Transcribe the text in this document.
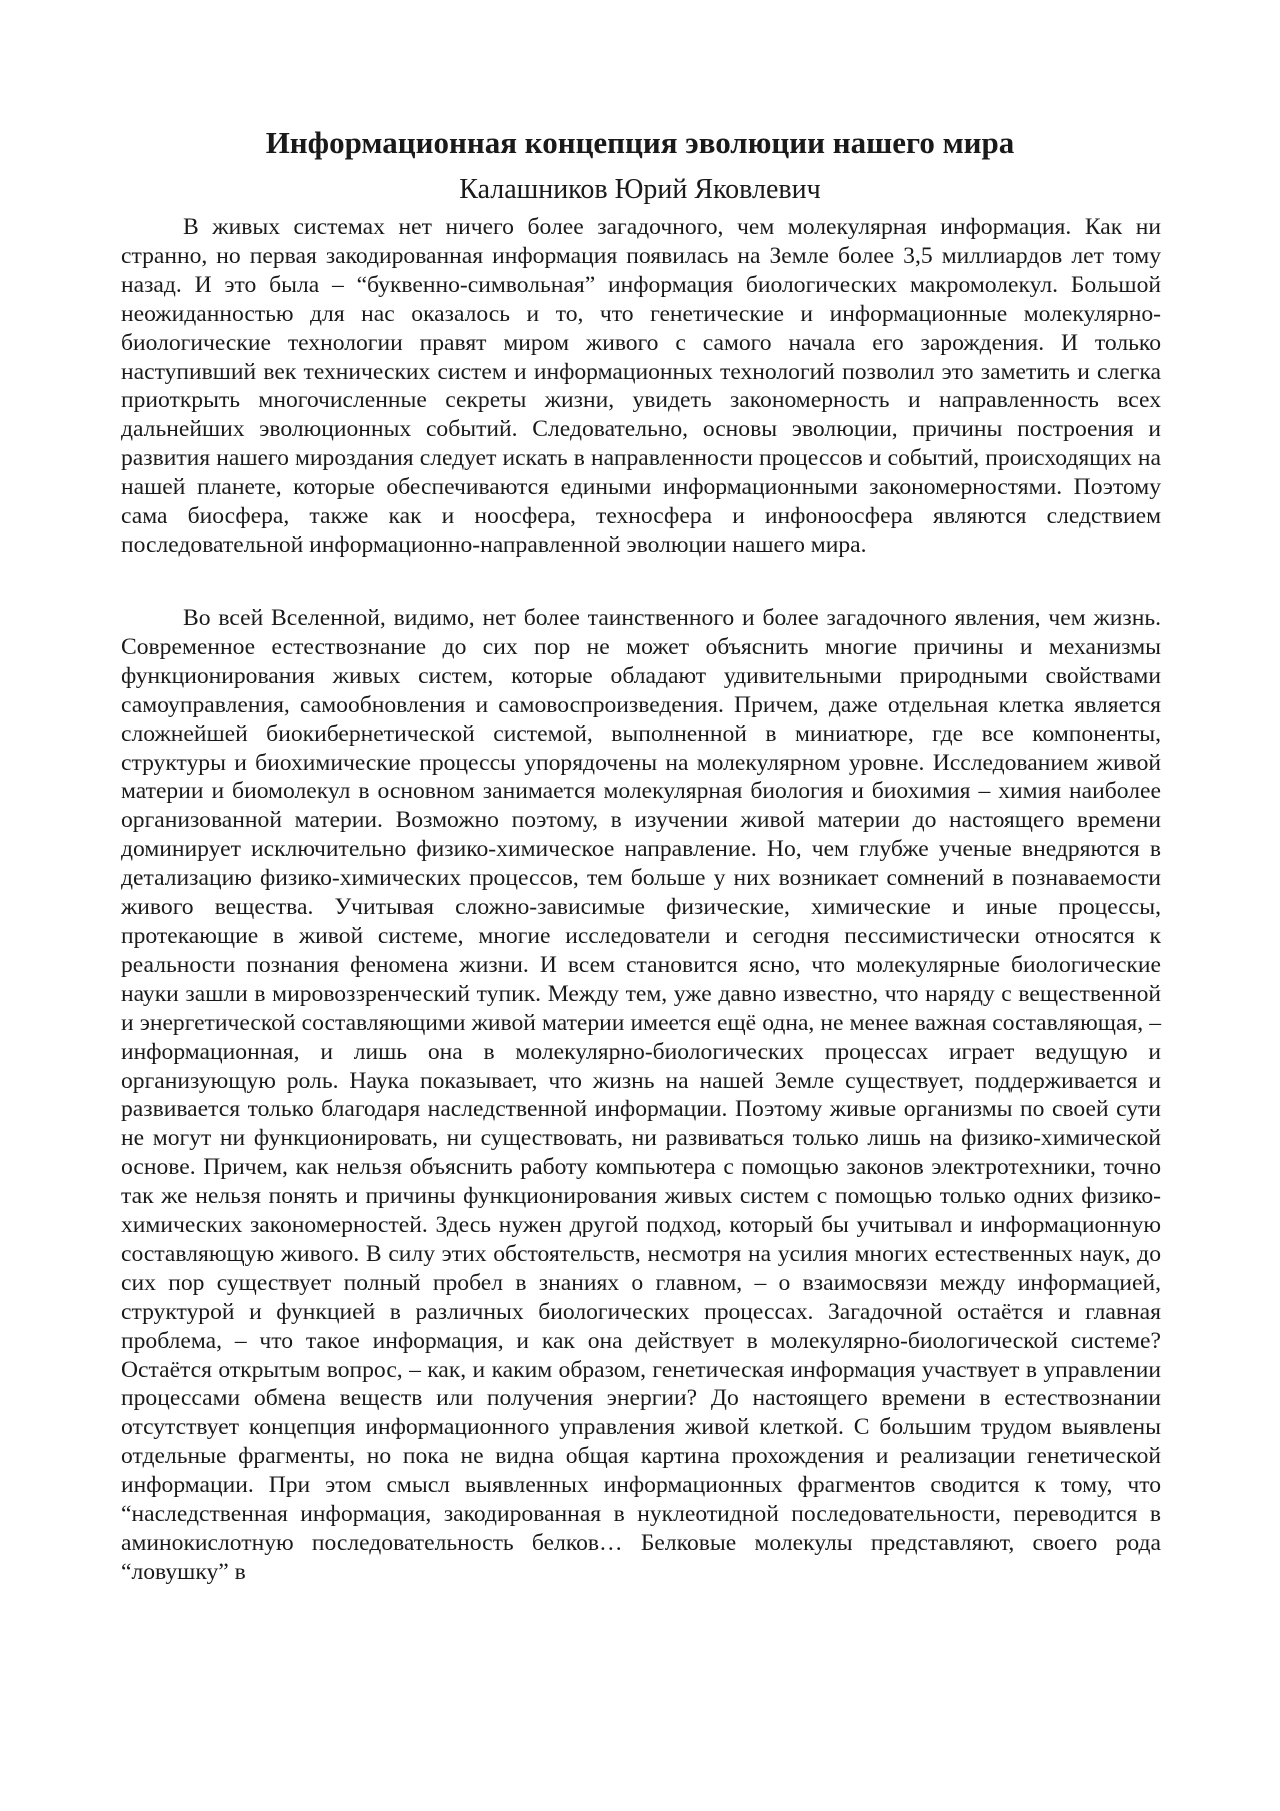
Информационная концепция эволюции нашего мира

Калашников Юрий Яковлевич

В живых системах нет ничего более загадочного, чем молекулярная информация. Как ни странно, но первая закодированная информация появилась на Земле более 3,5 миллиардов лет тому назад. И это была – “буквенно-символьная” информация биологических макромолекул. Большой неожиданностью для нас оказалось и то, что генетические и информационные молекулярно-биологические технологии правят миром живого с самого начала его зарождения. И только наступивший век технических систем и информационных технологий позволил это заметить и слегка приоткрыть многочисленные секреты жизни, увидеть закономерность и направленность всех дальнейших эволюционных событий. Следовательно, основы эволюции, причины построения и развития нашего мироздания следует искать в направленности процессов и событий, происходящих на нашей планете, которые обеспечиваются едиными информационными закономерностями. Поэтому сама биосфера, также как и ноосфера, техносфера и инфоноосфера являются следствием последовательной информационно-направленной эволюции нашего мира.

Во всей Вселенной, видимо, нет более таинственного и более загадочного явления, чем жизнь. Современное естествознание до сих пор не может объяснить многие причины и механизмы функционирования живых систем, которые обладают удивительными природными свойствами самоуправления, самообновления и самовоспроизведения. Причем, даже отдельная клетка является сложнейшей биокибернетической системой, выполненной в миниатюре, где все компоненты, структуры и биохимические процессы упорядочены на молекулярном уровне. Исследованием живой материи и биомолекул в основном занимается молекулярная биология и биохимия – химия наиболее организованной материи. Возможно поэтому, в изучении живой материи до настоящего времени доминирует исключительно физико-химическое направление. Но, чем глубже ученые внедряются в детализацию физико-химических процессов, тем больше у них возникает сомнений в познаваемости живого вещества. Учитывая сложно-зависимые физические, химические и иные процессы, протекающие в живой системе, многие исследователи и сегодня пессимистически относятся к реальности познания феномена жизни. И всем становится ясно, что молекулярные биологические науки зашли в мировоззренческий тупик. Между тем, уже давно известно, что наряду с вещественной и энергетической составляющими живой материи имеется ещё одна, не менее важная составляющая, – информационная, и лишь она в молекулярно-биологических процессах играет ведущую и организующую роль. Наука показывает, что жизнь на нашей Земле существует, поддерживается и развивается только благодаря наследственной информации. Поэтому живые организмы по своей сути не могут ни функционировать, ни существовать, ни развиваться только лишь на физико-химической основе. Причем, как нельзя объяснить работу компьютера с помощью законов электротехники, точно так же нельзя понять и причины функционирования живых систем с помощью только одних физико-химических закономерностей. Здесь нужен другой подход, который бы учитывал и информационную составляющую живого. В силу этих обстоятельств, несмотря на усилия многих естественных наук, до сих пор существует полный пробел в знаниях о главном, – о взаимосвязи между информацией, структурой и функцией в различных биологических процессах. Загадочной остаётся и главная проблема, – что такое информация, и как она действует в молекулярно-биологической системе? Остаётся открытым вопрос, – как, и каким образом, генетическая информация участвует в управлении процессами обмена веществ или получения энергии? До настоящего времени в естествознании отсутствует концепция информационного управления живой клеткой. С большим трудом выявлены отдельные фрагменты, но пока не видна общая картина прохождения и реализации генетической информации. При этом смысл выявленных информационных фрагментов сводится к тому, что “наследственная информация, закодированная в нуклеотидной последовательности, переводится в аминокислотную последовательность белков… Белковые молекулы представляют, своего рода “ловушку” в
